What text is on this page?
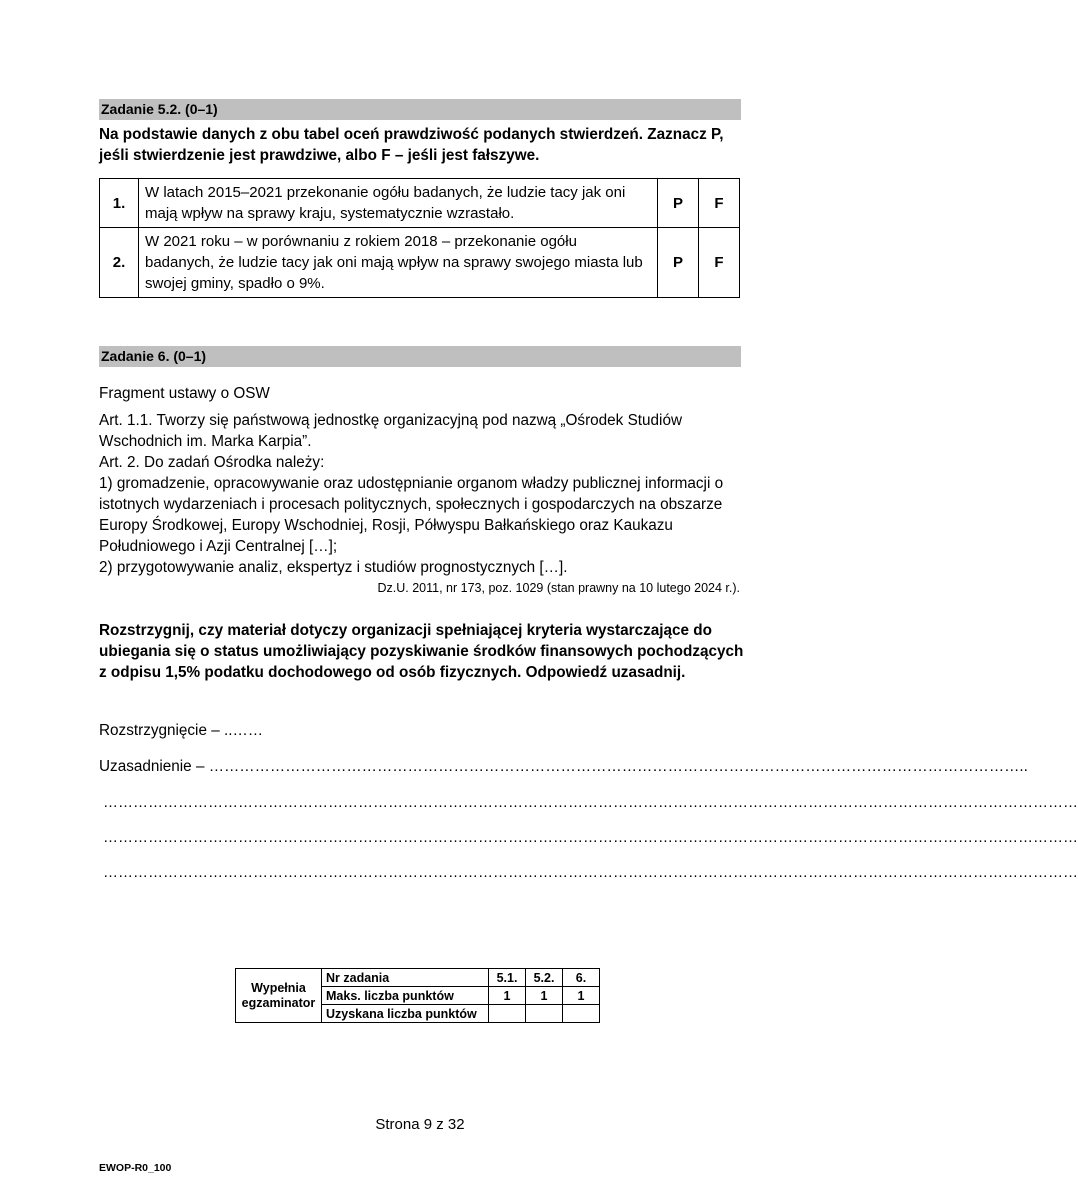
Zadanie 5.2. (0–1)
Na podstawie danych z obu tabel oceń prawdziwość podanych stwierdzeń. Zaznacz P, jeśli stwierdzenie jest prawdziwe, albo F – jeśli jest fałszywe.
1.	W latach 2015–2021 przekonanie ogółu badanych, że ludzie tacy jak oni mają wpływ na sprawy kraju, systematycznie wzrastało.	P	F
2.	W 2021 roku – w porównaniu z rokiem 2018 – przekonanie ogółu badanych, że ludzie tacy jak oni mają wpływ na sprawy swojego miasta lub swojej gminy, spadło o 9%.	P	F
Zadanie 6. (0–1)
Fragment ustawy o OSW
Art. 1.1. Tworzy się państwową jednostkę organizacyjną pod nazwą „Ośrodek Studiów Wschodnich im. Marka Karpia”.
Art. 2. Do zadań Ośrodka należy:
1) gromadzenie, opracowywanie oraz udostępnianie organom władzy publicznej informacji o istotnych wydarzeniach i procesach politycznych, społecznych i gospodarczych na obszarze Europy Środkowej, Europy Wschodniej, Rosji, Półwyspu Bałkańskiego oraz Kaukazu Południowego i Azji Centralnej […];
2) przygotowywanie analiz, ekspertyz i studiów prognostycznych […].
Dz.U. 2011, nr 173, poz. 1029 (stan prawny na 10 lutego 2024 r.).
Rozstrzygnij, czy materiał dotyczy organizacji spełniającej kryteria wystarczające do ubiegania się o status umożliwiający pozyskiwanie środków finansowych pochodzących z odpisu 1,5% podatku dochodowego od osób fizycznych. Odpowiedź uzasadnij.
Rozstrzygnięcie – ..……
Uzasadnienie – ……………………………………………………………………………………………………………………………………………..
……………………………………………………………………………………………………………………………………………………………………………
……………………………………………………………………………………………………………………………………………………………………………
……………………………………………………………………………………………………………………………………………………………………………
Wypełnia egzaminator	Nr zadania	5.1.	5.2.	6.
	Maks. liczba punktów	1	1	1
	Uzyskana liczba punktów			
Strona 9 z 32
EWOP-R0_100
